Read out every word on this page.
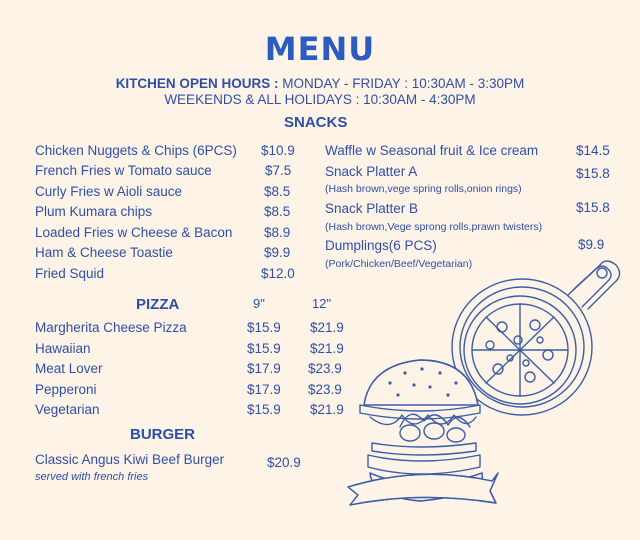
MENU
KITCHEN OPEN HOURS : MONDAY - FRIDAY : 10:30AM - 3:30PM
WEEKENDS & ALL HOLIDAYS : 10:30AM - 4:30PM
SNACKS
Chicken Nuggets & Chips (6PCS) $10.9
French Fries w Tomato sauce	$7.5
Curly Fries w Aioli sauce	$8.5
Plum Kumara chips	$8.5
Loaded Fries w Cheese & Bacon $8.9
Ham & Cheese Toastie	$9.9
Fried Squid	$12.0
Waffle w Seasonal fruit & Ice cream	$14.5
Snack Platter A	$15.8
(Hash brown,vege spring rolls,onion rings)
Snack Platter B	$15.8
(Hash brown,Vege sprong rolls,prawn twisters)
Dumplings(6 PCS)	$9.9
(Pork/Chicken/Beef/Vegetarian)
PIZZA	9"	12"
Margherita Cheese Pizza	$15.9 $21.9
Hawaiian	$15.9 $21.9
Meat Lover	$17.9 $23.9
Pepperoni	$17.9 $23.9
Vegetarian	$15.9 $21.9
BURGER
Classic Angus Kiwi Beef Burger	$20.9
served with french fries
